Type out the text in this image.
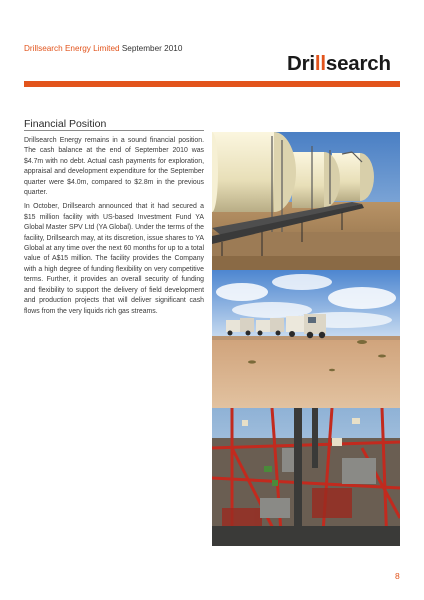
Drillsearch Energy Limited September 2010
Drillsearch
Financial Position

Drillsearch Energy remains in a sound financial position. The cash balance at the end of September 2010 was $4.7m with no debt. Actual cash payments for exploration, appraisal and development expenditure for the September quarter were $4.0m, compared to $2.8m in the previous quarter.

In October, Drillsearch announced that it had secured a $15 million facility with US-based Investment Fund YA Global Master SPV Ltd (YA Global). Under the terms of the facility, Drillsearch may, at its discretion, issue shares to YA Global at any time over the next 60 months for up to a total value of A$15 million. The facility provides the Company with a high degree of funding flexibility on very competitive terms. Further, it provides an overall security of funding and flexibility to support the delivery of field development and production projects that will deliver significant cash flows from the very liquids rich gas streams.

8
